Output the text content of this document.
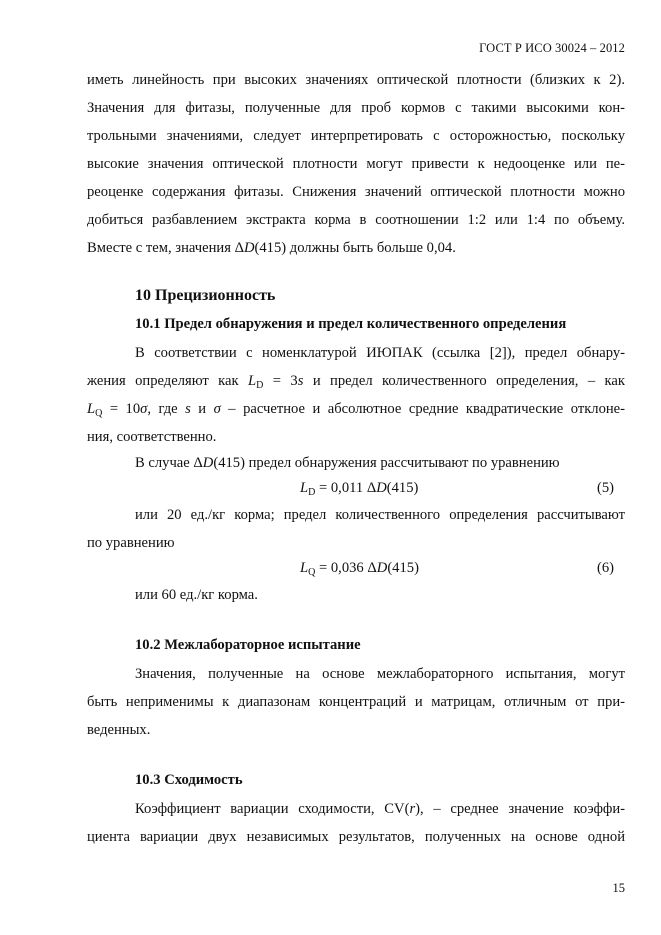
ГОСТ Р ИСО 30024 – 2012
иметь линейность при высоких значениях оптической плотности (близких к 2).
Значения для фитазы, полученные для проб кормов с такими высокими кон-
трольными значениями, следует интерпретировать с осторожностью, поскольку
высокие значения оптической плотности могут привести к недооценке или пе-
реоценке содержания фитазы. Снижения значений оптической плотности можно
добиться разбавлением экстракта корма в соотношении 1:2 или 1:4 по объему.
Вместе с тем, значения ΔD(415) должны быть больше 0,04.
10 Прецизионность
10.1 Предел обнаружения и предел количественного определения
В соответствии с номенклатурой ИЮПАК (ссылка [2]), предел обнару-
жения определяют как $L_D = 3s$ и предел количественного определения, – как
$L_Q = 10\sigma$, где s и σ – расчетное и абсолютное средние квадратические отклоне-
ния, соответственно.
В случае ΔD(415) предел обнаружения рассчитывают по уравнению
$L_D = 0,011$ ΔD(415)	(5)
или 20 ед./кг корма; предел количественного определения рассчитывают
по уравнению
$L_Q = 0,036$ ΔD(415)	(6)
или 60 ед./кг корма.
10.2 Межлабораторное испытание
Значения, полученные на основе межлабораторного испытания, могут
быть неприменимы к диапазонам концентраций и матрицам, отличным от при-
веденных.
10.3 Сходимость
Коэффициент вариации сходимости, CV(r), – среднее значение коэффи-
циента вариации двух независимых результатов, полученных на основе одной
15
